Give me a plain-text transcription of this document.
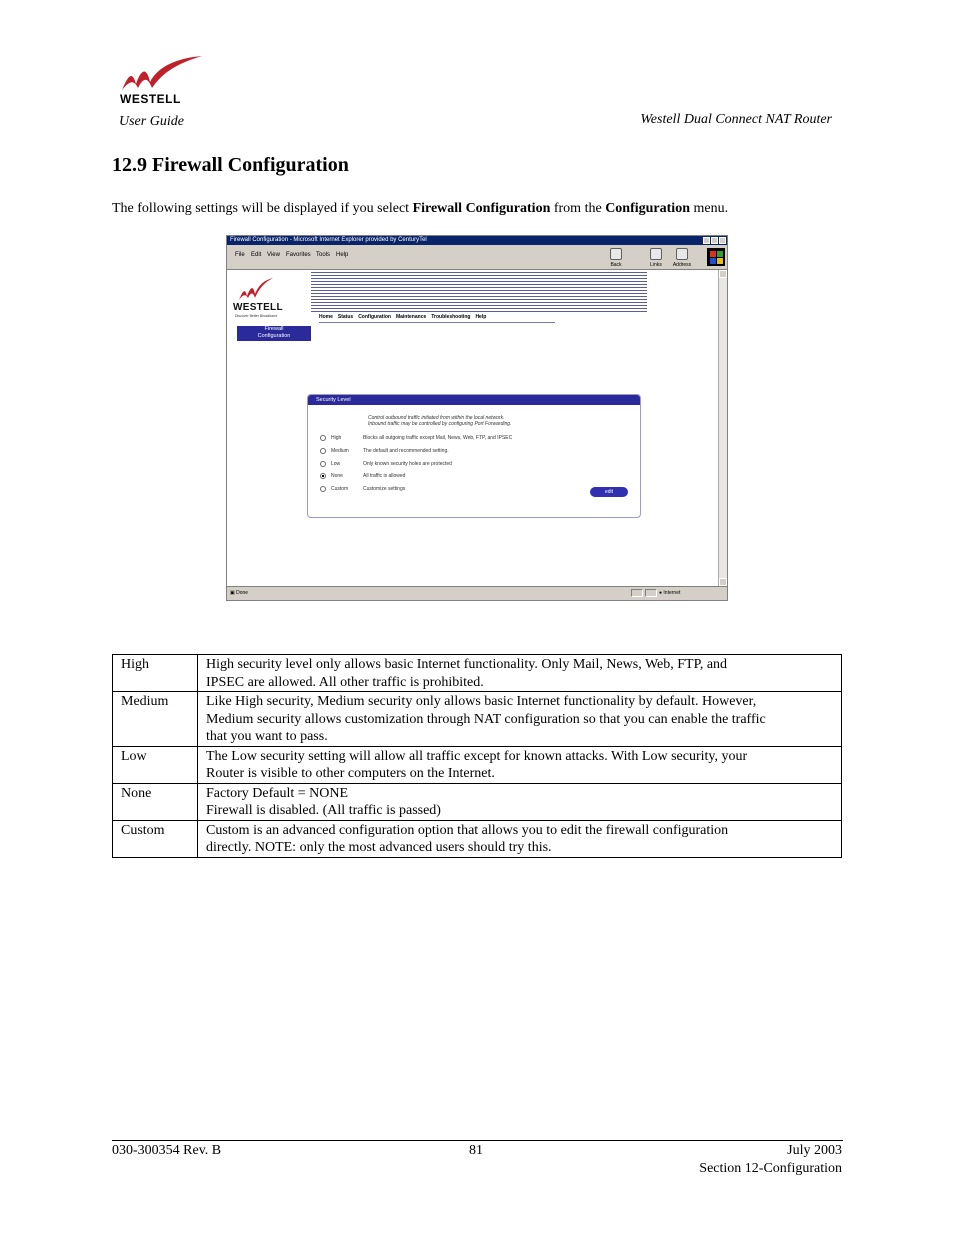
WESTELL
User Guide	Westell Dual Connect NAT Router
12.9 Firewall Configuration
The following settings will be displayed if you select Firewall Configuration from the Configuration menu.
Firewall Configuration - Microsoft Internet Explorer provided by CenturyTel
File Edit View Favorites Tools Help
Back	Links	Address
WESTELL
Discover Better Broadband	Home Status Configuration Maintenance Troubleshooting Help
Firewall
Configuration
Security Level
Control outbound traffic initiated from within the local network.
Inbound traffic may be controlled by configuring Port Forwarding.
High	Blocks all outgoing traffic except Mail, News, Web, FTP, and IPSEC
Medium	The default and recommended setting.
Low	Only known security holes are protected
None	All traffic is allowed
Custom	Customize settings	edit
▣ Done	● Internet
High	High security level only allows basic Internet functionality. Only Mail, News, Web, FTP, and
IPSEC are allowed. All other traffic is prohibited.
Medium	Like High security, Medium security only allows basic Internet functionality by default. However,
Medium security allows customization through NAT configuration so that you can enable the traffic
that you want to pass.
Low	The Low security setting will allow all traffic except for known attacks. With Low security, your
Router is visible to other computers on the Internet.
None	Factory Default = NONE
Firewall is disabled. (All traffic is passed)
Custom	Custom is an advanced configuration option that allows you to edit the firewall configuration
directly. NOTE: only the most advanced users should try this.
030-300354 Rev. B	81	July 2003
Section 12-Configuration
